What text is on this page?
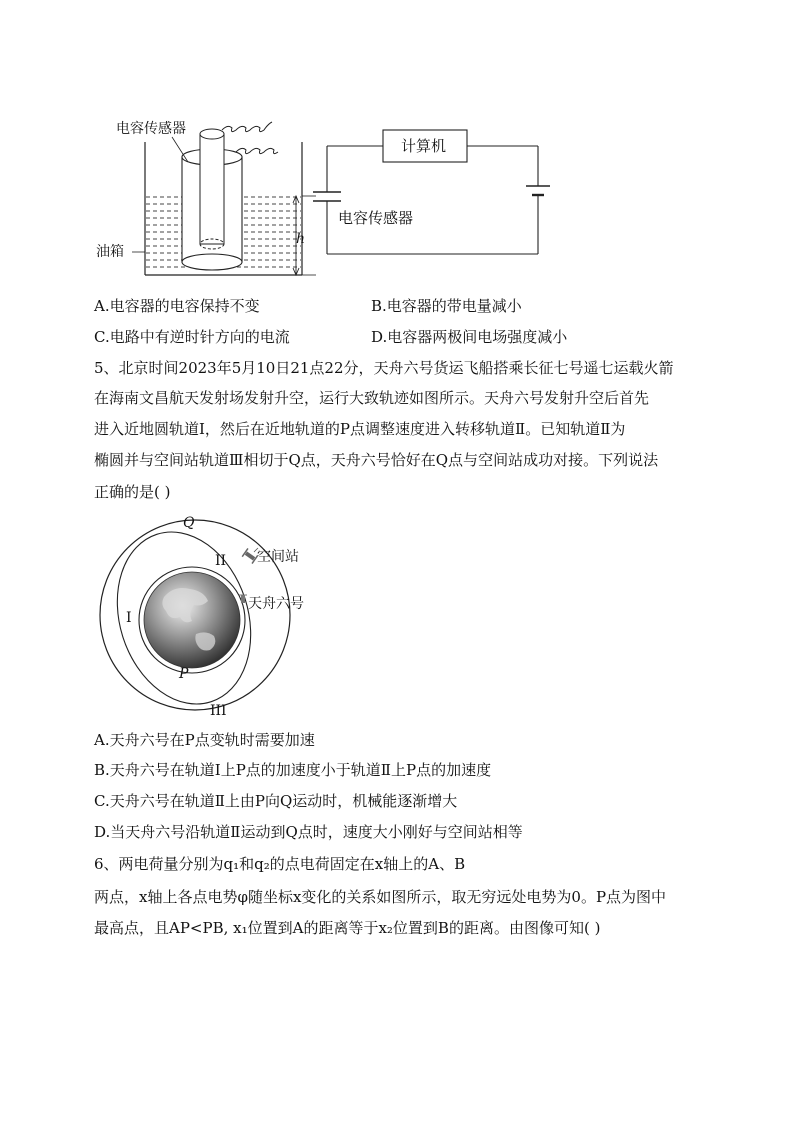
电容传感器
油箱
h
计算机
电容传感器
A.电容器的电容保持不变	B.电容器的带电量减小
C.电路中有逆时针方向的电流	D.电容器两极间电场强度减小
5、北京时间2023年5月10日21点22分，天舟六号货运飞船搭乘长征七号遥七运载火箭
在海南文昌航天发射场发射升空，运行大致轨迹如图所示。天舟六号发射升空后首先
进入近地圆轨道Ⅰ，然后在近地轨道的P点调整速度进入转移轨道Ⅱ。已知轨道Ⅱ为
椭圆并与空间站轨道Ⅲ相切于Q点，天舟六号恰好在Q点与空间站成功对接。下列说法
正确的是( )
Q
II 空间站
天舟六号
I
P
III
A.天舟六号在P点变轨时需要加速
B.天舟六号在轨道Ⅰ上P点的加速度小于轨道Ⅱ上P点的加速度
C.天舟六号在轨道Ⅱ上由P向Q运动时，机械能逐渐增大
D.当天舟六号沿轨道Ⅱ运动到Q点时，速度大小刚好与空间站相等
6、两电荷量分别为q₁和q₂的点电荷固定在x轴上的A、B
两点，x轴上各点电势φ随坐标x变化的关系如图所示，取无穷远处电势为0。P点为图中
最高点，且AP<PB, x₁位置到A的距离等于x₂位置到B的距离。由图像可知( )
